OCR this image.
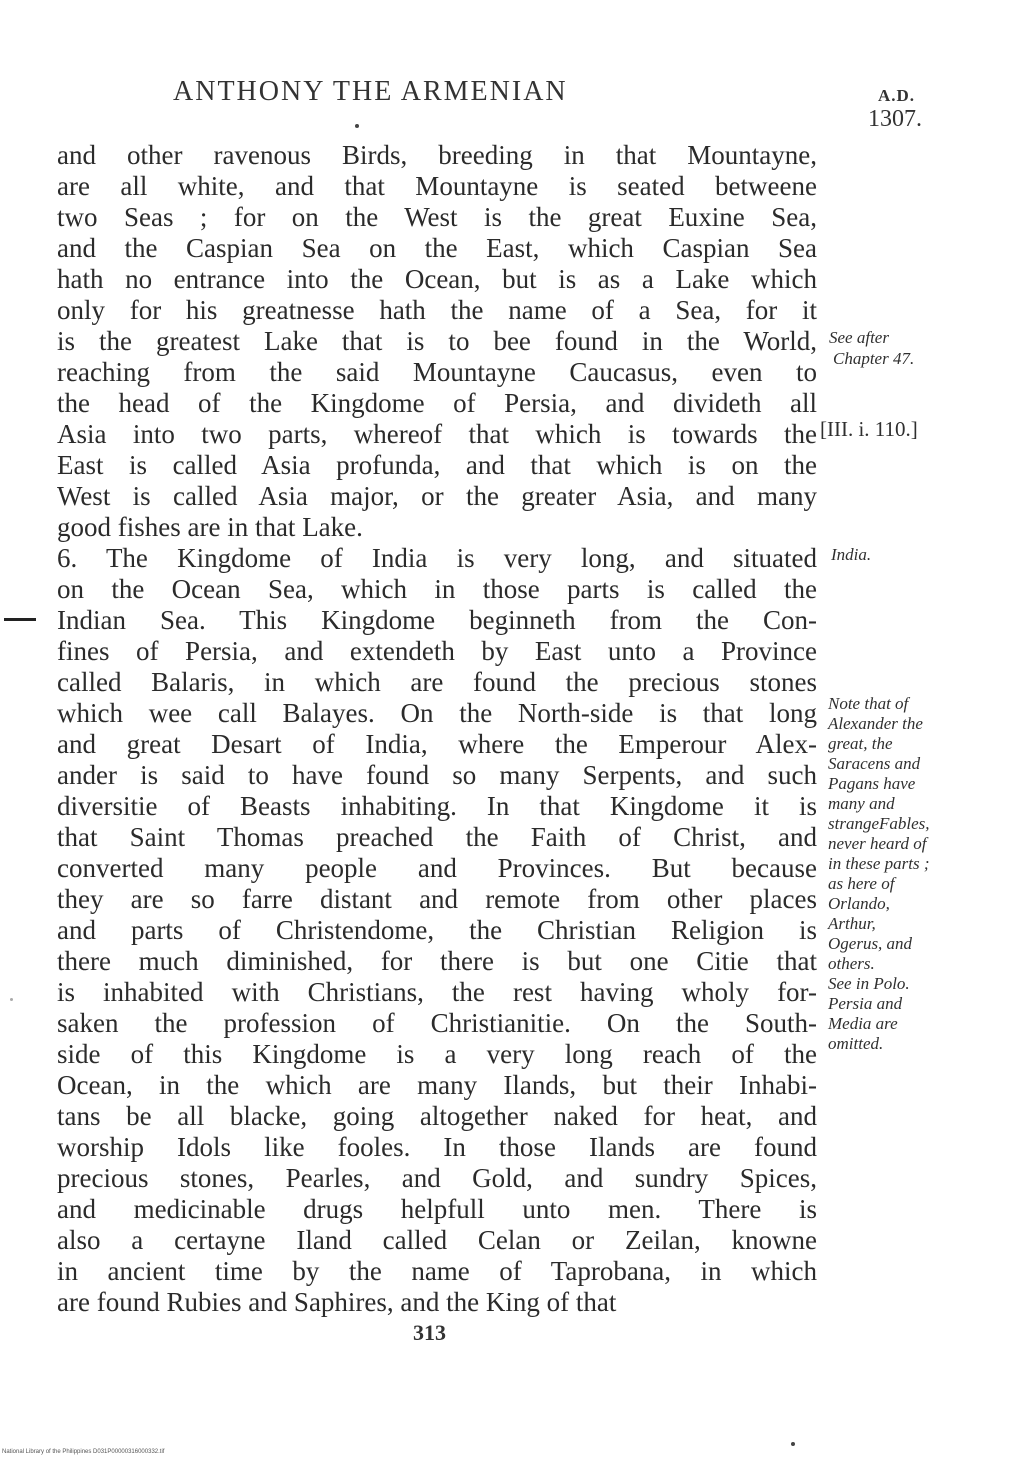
ANTHONY THE ARMENIAN	A.D.
1307.
and other ravenous Birds, breeding in that Mountayne,
are all white, and that Mountayne is seated betweene
two Seas ; for on the West is the great Euxine Sea,
and the Caspian Sea on the East, which Caspian Sea
hath no entrance into the Ocean, but is as a Lake which
only for his greatnesse hath the name of a Sea, for it
is the greatest Lake that is to bee found in the World,
reaching from the said Mountayne Caucasus, even to
the head of the Kingdome of Persia, and divideth all
Asia into two parts, whereof that which is towards the
East is called Asia profunda, and that which is on the
West is called Asia major, or the greater Asia, and many
good fishes are in that Lake.
6. The Kingdome of India is very long, and situated
on the Ocean Sea, which in those parts is called the
Indian Sea. This Kingdome beginneth from the Con-
fines of Persia, and extendeth by East unto a Province
called Balaris, in which are found the precious stones
which wee call Balayes. On the North-side is that long
and great Desart of India, where the Emperour Alex-
ander is said to have found so many Serpents, and such
diversitie of Beasts inhabiting. In that Kingdome it is
that Saint Thomas preached the Faith of Christ, and
converted many people and Provinces. But because
they are so farre distant and remote from other places
and parts of Christendome, the Christian Religion is
there much diminished, for there is but one Citie that
is inhabited with Christians, the rest having wholy for-
saken the profession of Christianitie. On the South-
side of this Kingdome is a very long reach of the
Ocean, in the which are many Ilands, but their Inhabi-
tans be all blacke, going altogether naked for heat, and
worship Idols like fooles. In those Ilands are found
precious stones, Pearles, and Gold, and sundry Spices,
and medicinable drugs helpfull unto men. There is
also a certayne Iland called Celan or Zeilan, knowne
in ancient time by the name of Taprobana, in which
are found Rubies and Saphires, and the King of that
See after
Chapter 47.
[III. i. 110.]
India.
Note that of
Alexander the
great, the
Saracens and
Pagans have
many and
strangeFables,
never heard of
in these parts ;
as here of
Orlando,
Arthur,
Ogerus, and
others.
See in Polo.
Persia and
Media are
omitted.
313
National Library of the Philippines D031P00000316000332.tif
